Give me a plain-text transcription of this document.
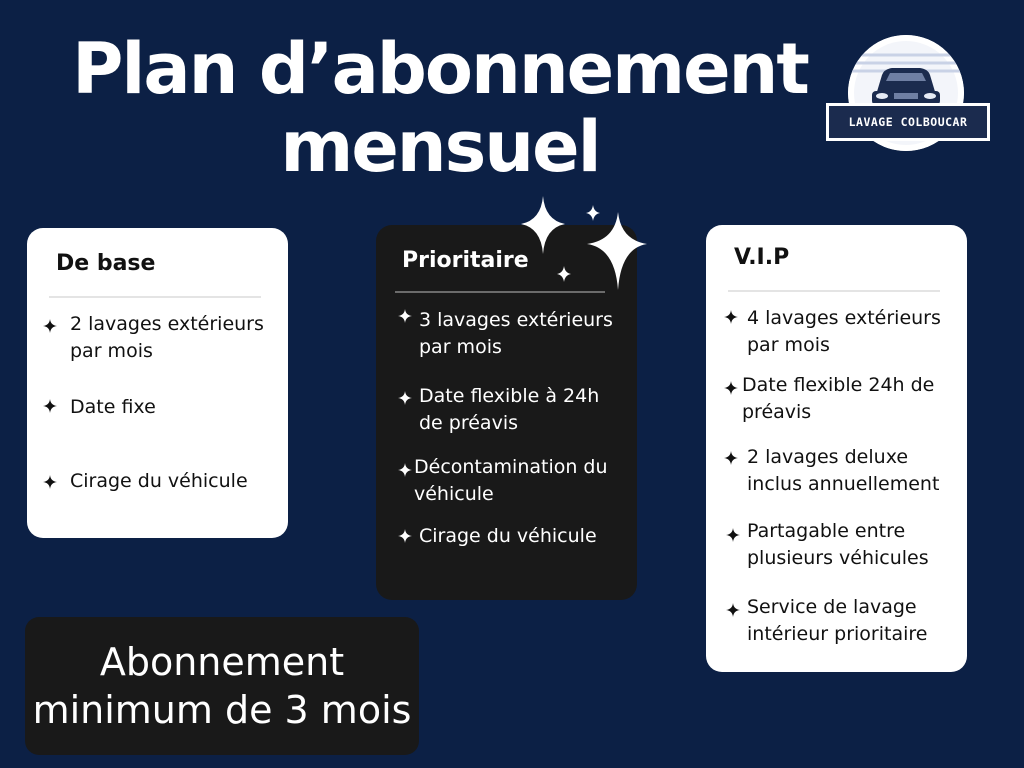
Plan d’abonnement
mensuel	LAVAGE COLBOUCAR
De base
2 lavages extérieurs
par mois
Date fixe
Cirage du véhicule
Prioritaire
3 lavages extérieurs
par mois
Date flexible à 24h
de préavis
Décontamination du
véhicule
Cirage du véhicule
V.I.P
4 lavages extérieurs
par mois
Date flexible 24h de
préavis
2 lavages deluxe
inclus annuellement
Partagable entre
plusieurs véhicules
Service de lavage
intérieur prioritaire
Abonnement
minimum de 3 mois
